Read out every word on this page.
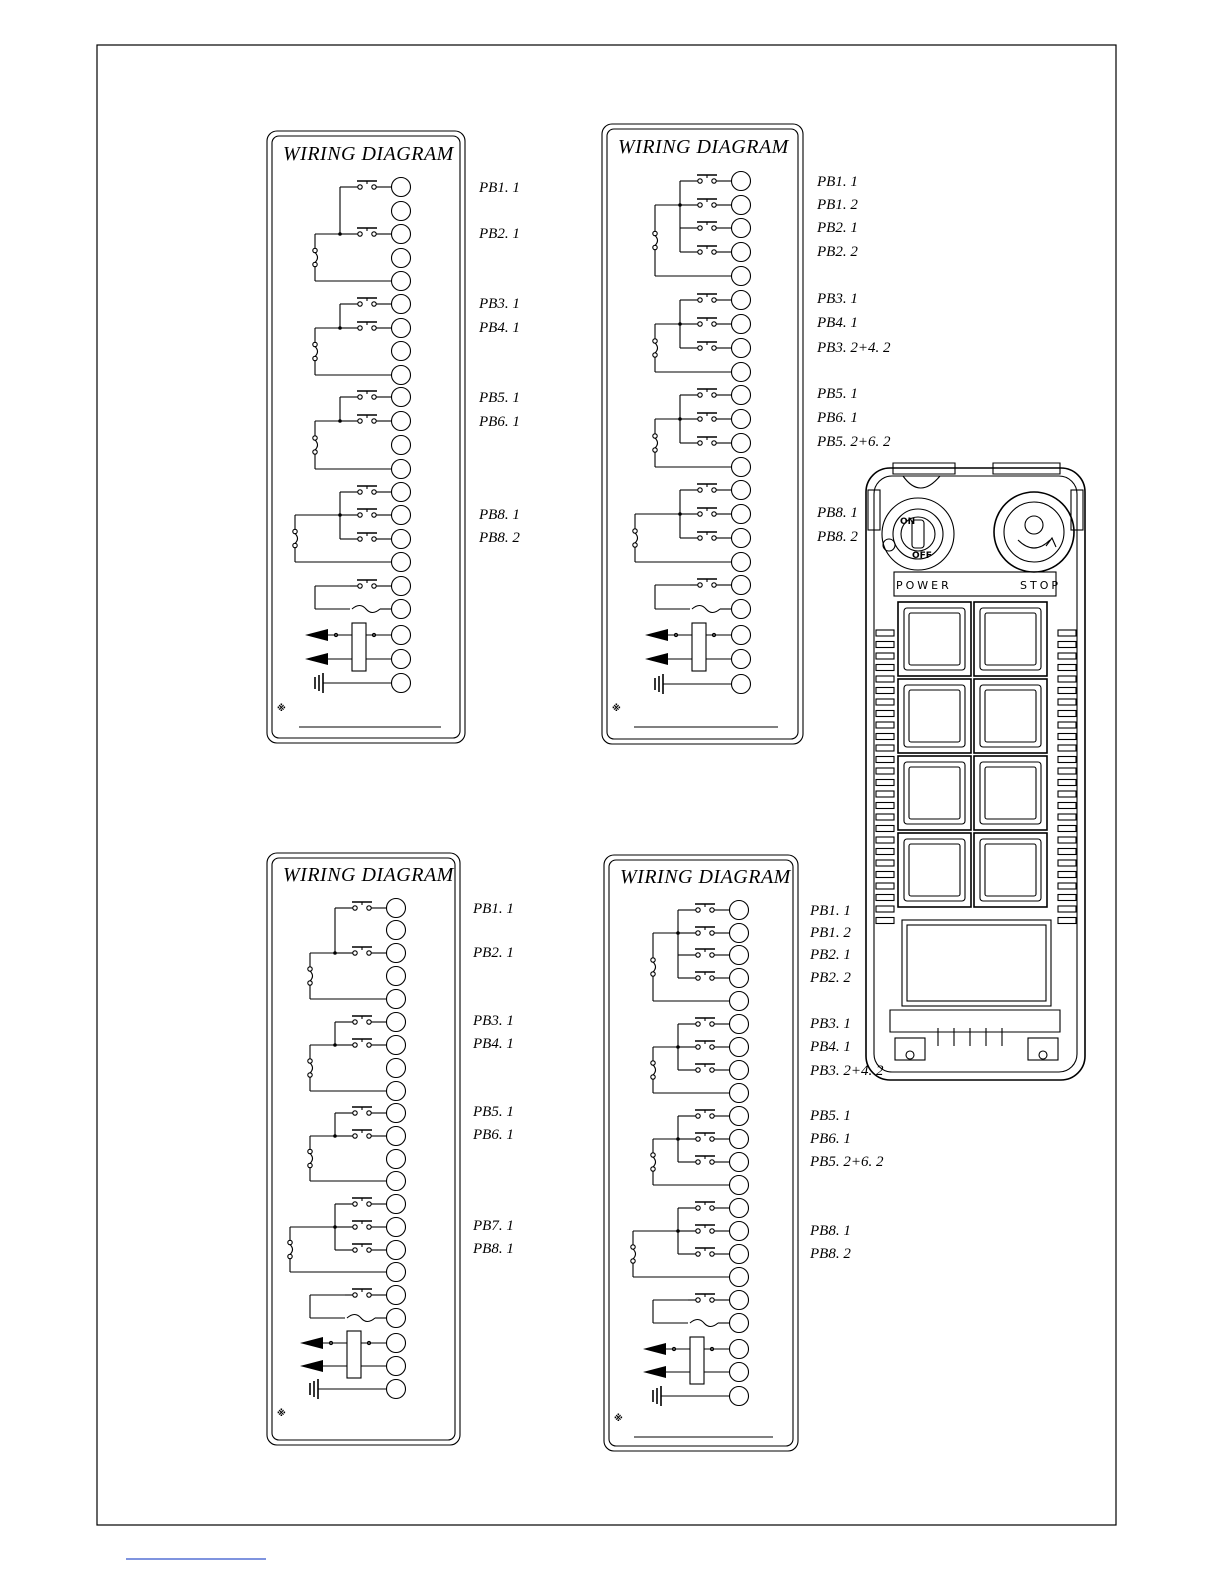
WIRING DIAGRAM
※
PB1. 1
PB2. 1
PB3. 1
PB4. 1
PB5. 1
PB6. 1
PB8. 1
PB8. 2
WIRING DIAGRAM
※
PB1. 1
PB1. 2
PB2. 1
PB2. 2
PB3. 1
PB4. 1
PB3. 2+4. 2
PB5. 1
PB6. 1
PB5. 2+6. 2
PB8. 1
PB8. 2
WIRING DIAGRAM
※
PB1. 1
PB2. 1
PB3. 1
PB4. 1
PB5. 1
PB6. 1
PB7. 1
PB8. 1
WIRING DIAGRAM
※
PB1. 1
PB1. 2
PB2. 1
PB2. 2
PB3. 1
PB4. 1
PB3. 2+4. 2
PB5. 1
PB6. 1
PB5. 2+6. 2
PB8. 1
PB8. 2
ON
OFF
POWER	STOP
